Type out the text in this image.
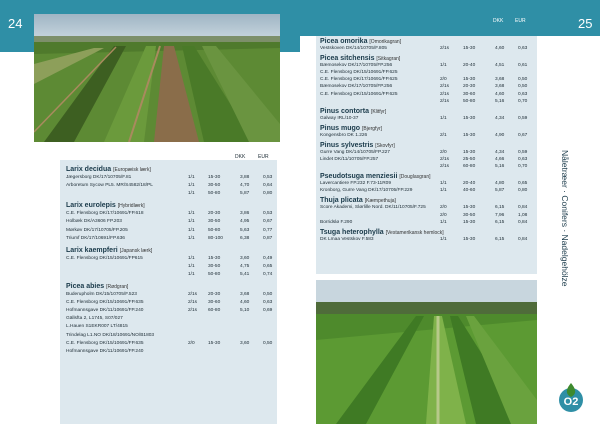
24	25
DKK EUR
DKK	EUR
Larix decidua [Europæisk lærk]
Jægersborg DK/17/10705/F.81	1/1	15-30	3,88	0,53
Arboretum Sycow PL5. MR/S4582/18/PL	1/1	30-50	4,70	0,64
1/1	50-80	5,87	0,80
Larix eurolepis [Hybridlærk]
C.E. Flensborg DK/17/10691/FP.618	1/1	20-30	3,86	0,53
Holbæk DK/A3606 FP.203	1/1	30-50	4,95	0,67
Mørkøv DK/17/10705/FP.205	1/1	50-80	5,63	0,77
Triumf DK/17/10691/FP.636	1/1	80-100	6,38	0,87
Larix kaempferi [Japansk lærk]
C.E. Flensborg DK/15/10691/FP615	1/1	15-30	3,60	0,49
1/1	30-50	4,75	0,65
1/1	50-80	5,41	0,74
Picea abies [Rødgran]
Buderupholm DK/15/10705/F.523	2/1s 20-30	3,68	0,50
C.E. Flensborg DK/15/10691/FP.635	2/1s 30-60	4,60	0,63
Hofmannsgave DK/11/10691/FP.240	2/1s 60-80	5,10	0,69
Gällsfta 2, L1745, S07/027
L.Hauen S1EKR007 LT/4815
Trindelag L1.NO DK/18/10691/NO/B1803
C.E. Flensborg DK/15/10691/FP.635	2/0	15-30	3,60	0,50
Hofmannsgave DK/11/10691/FP.240
Picea omorika [Omorikagran]
Vestskoven DK/14/10705/F.805	2/1s	15-30	4,60	0,63
Picea sitchensis [Sitkagran]
Bæmosekov DK/17/10705/FP.256	1/1	20-40	4,51	0,61
C.E. Flensborg DK/15/10691/FP.625
C.E. Flensborg DK/17/10691/FP.625	2/0	15-30	3,68	0,50
Bæmosekov DK/17/10705/FP.256	2/1s	20-30	3,68	0,50
C.E. Flensborg DK/15/10691/FP.625	2/1s	30-60	4,60	0,63
2/1s	50-80	5,16	0,70
Pinus contorta [Klitfyr]
Galway IRL/10-37	1/1	15-30	4,34	0,59
Pinus mugo [Bjergfyr]
Kongensbro DK 1.226	2/1	15-30	4,90	0,67
Pinus sylvestris [Skovfyr]
Gurre Vang DK/14/10705/FP.227	2/0	15-30	4,34	0,59
Lindet DK/11/10705/FP.257	2/1s	25-50	4,66	0,63
2/1s	60-80	5,16	0,70
Pseudotsuga menziesii [Douglasgran]
Lavercantiere FP.232 F.73-11R09	1/1	20-40	4,80	0,65
Kronborg, Gurre Vang DK/17/10705/FP.229	1/1	40-60	5,87	0,80
Thuja plicata [Kæmpethuja]
Score Akademi, Slørlille Nord. DK/11/10705/F.725	2/0	15-30	6,15	0,84
2/0	30-50	7,96	1,08
Borridslø F.290	1/1	15-30	6,15	0,84
Tsuga heterophylla [Vestamerikansk hemlock]
DK Lmaa Vestskov F.583	1/1	15-30	6,15	0,84	Nåletræer · Conifers · Nadelgehölze
O2
